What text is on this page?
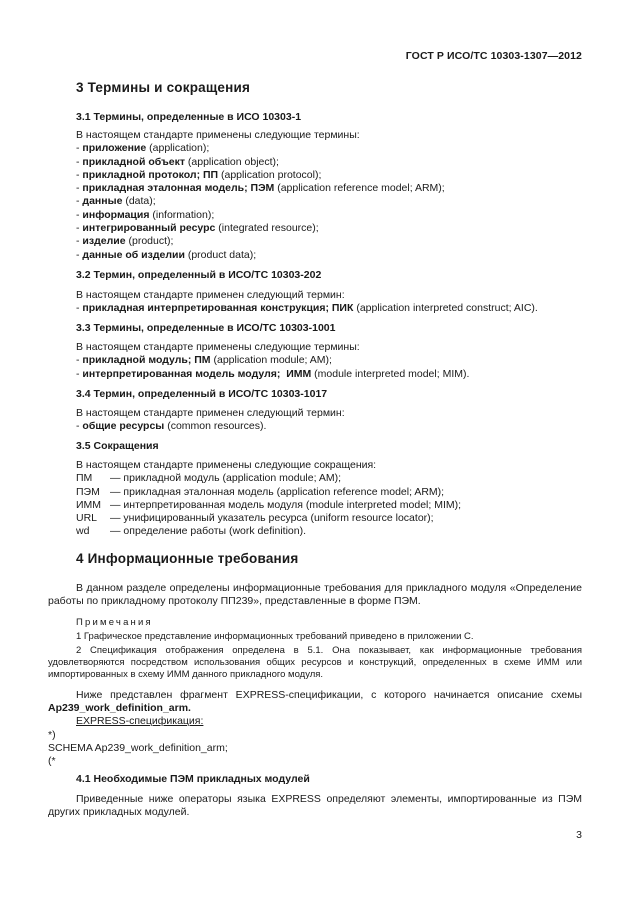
ГОСТ Р ИСО/ТС 10303-1307—2012
3 Термины и сокращения
3.1 Термины, определенные в ИСО 10303-1
В настоящем стандарте применены следующие термины:
- приложение (application);
- прикладной объект (application object);
- прикладной протокол; ПП (application protocol);
- прикладная эталонная модель; ПЭМ (application reference model; ARM);
- данные (data);
- информация (information);
- интегрированный ресурс (integrated resource);
- изделие (product);
- данные об изделии (product data);
3.2 Термин, определенный в ИСО/ТС 10303-202
В настоящем стандарте применен следующий термин:
- прикладная интерпретированная конструкция; ПИК (application interpreted construct; AIC).
3.3 Термины, определенные в ИСО/ТС 10303-1001
В настоящем стандарте применены следующие термины:
- прикладной модуль; ПМ (application module; AM);
- интерпретированная модель модуля;  ИММ (module interpreted model; MIM).
3.4 Термин, определенный в ИСО/ТС 10303-1017
В настоящем стандарте применен следующий термин:
- общие ресурсы (common resources).
3.5 Сокращения
В настоящем стандарте применены следующие сокращения:
ПМ	— прикладной модуль (application module; AM);
ПЭМ — прикладная эталонная модель (application reference model; ARM);
ИММ — интерпретированная модель модуля (module interpreted model; MIM);
URL	— унифицированный указатель ресурса (uniform resource locator);
wd	— определение работы (work definition).
4 Информационные требования
В данном разделе определены информационные требования для прикладного модуля «Определение работы по прикладному протоколу ПП239», представленные в форме ПЭМ.
Примечания
1 Графическое представление информационных требований приведено в приложении С.
2 Спецификация отображения определена в 5.1. Она показывает, как информационные требования удовлетворяются посредством использования общих ресурсов и конструкций, определенных в схеме ИММ или импортированных в схему ИММ данного прикладного модуля.
Ниже представлен фрагмент EXPRESS-спецификации, с которого начинается описание схемы Ap239_work_definition_arm.
EXPRESS-спецификация:
*)
SCHEMA Ap239_work_definition_arm;
(*
4.1 Необходимые ПЭМ прикладных модулей
Приведенные ниже операторы языка EXPRESS определяют элементы, импортированные из ПЭМ других прикладных модулей.
3
